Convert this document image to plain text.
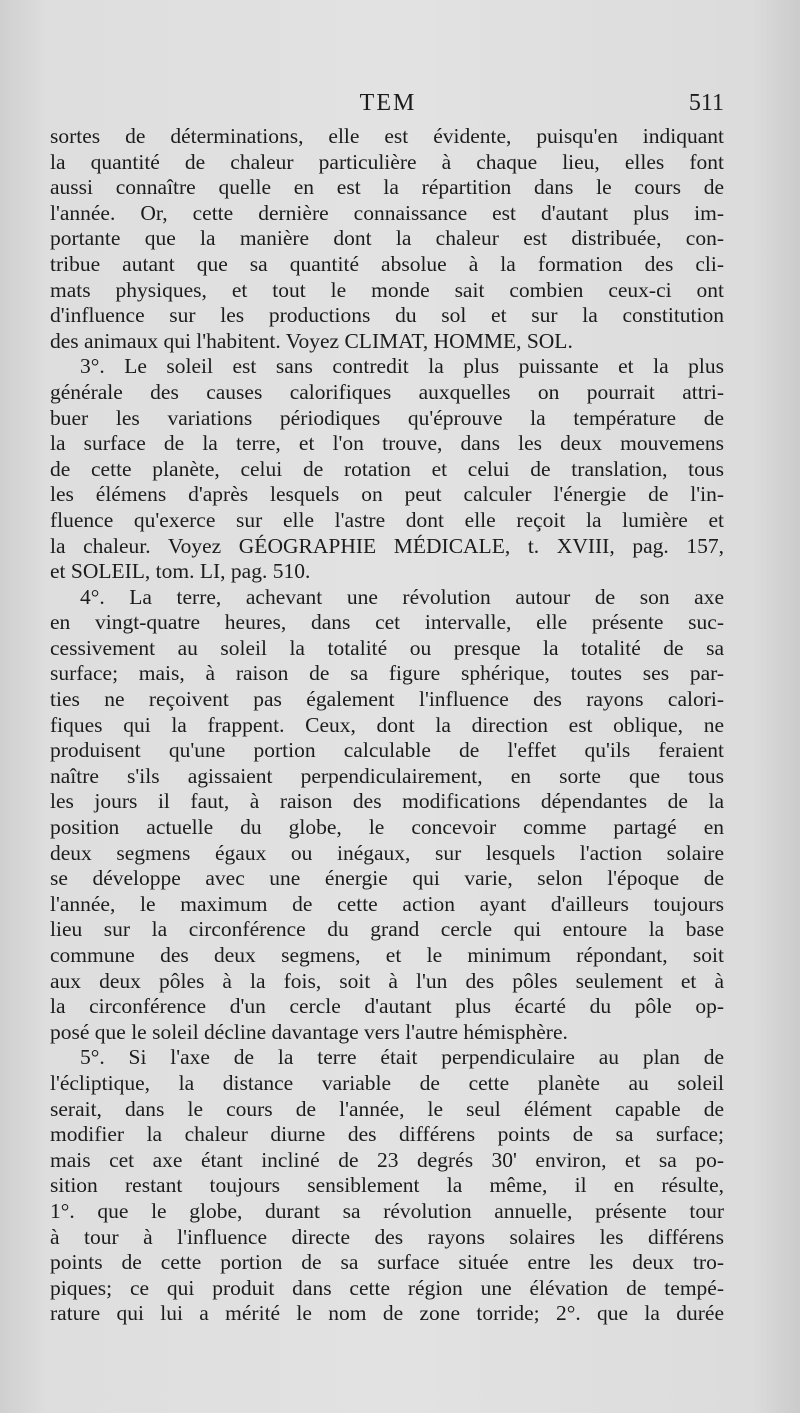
TEM	511
sortes de déterminations, elle est évidente, puisqu'en indiquant
la quantité de chaleur particulière à chaque lieu, elles font
aussi connaître quelle en est la répartition dans le cours de
l'année. Or, cette dernière connaissance est d'autant plus im-
portante que la manière dont la chaleur est distribuée, con-
tribue autant que sa quantité absolue à la formation des cli-
mats physiques, et tout le monde sait combien ceux-ci ont
d'influence sur les productions du sol et sur la constitution
des animaux qui l'habitent. Voyez CLIMAT, HOMME, SOL.
3°. Le soleil est sans contredit la plus puissante et la plus
générale des causes calorifiques auxquelles on pourrait attri-
buer les variations périodiques qu'éprouve la température de
la surface de la terre, et l'on trouve, dans les deux mouvemens
de cette planète, celui de rotation et celui de translation, tous
les élémens d'après lesquels on peut calculer l'énergie de l'in-
fluence qu'exerce sur elle l'astre dont elle reçoit la lumière et
la chaleur. Voyez GÉOGRAPHIE MÉDICALE, t. XVIII, pag. 157,
et SOLEIL, tom. LI, pag. 510.
4°. La terre, achevant une révolution autour de son axe
en vingt-quatre heures, dans cet intervalle, elle présente suc-
cessivement au soleil la totalité ou presque la totalité de sa
surface; mais, à raison de sa figure sphérique, toutes ses par-
ties ne reçoivent pas également l'influence des rayons calori-
fiques qui la frappent. Ceux, dont la direction est oblique, ne
produisent qu'une portion calculable de l'effet qu'ils feraient
naître s'ils agissaient perpendiculairement, en sorte que tous
les jours il faut, à raison des modifications dépendantes de la
position actuelle du globe, le concevoir comme partagé en
deux segmens égaux ou inégaux, sur lesquels l'action solaire
se développe avec une énergie qui varie, selon l'époque de
l'année, le maximum de cette action ayant d'ailleurs toujours
lieu sur la circonférence du grand cercle qui entoure la base
commune des deux segmens, et le minimum répondant, soit
aux deux pôles à la fois, soit à l'un des pôles seulement et à
la circonférence d'un cercle d'autant plus écarté du pôle op-
posé que le soleil décline davantage vers l'autre hémisphère.
5°. Si l'axe de la terre était perpendiculaire au plan de
l'écliptique, la distance variable de cette planète au soleil
serait, dans le cours de l'année, le seul élément capable de
modifier la chaleur diurne des différens points de sa surface;
mais cet axe étant incliné de 23 degrés 30' environ, et sa po-
sition restant toujours sensiblement la même, il en résulte,
1°. que le globe, durant sa révolution annuelle, présente tour
à tour à l'influence directe des rayons solaires les différens
points de cette portion de sa surface située entre les deux tro-
piques; ce qui produit dans cette région une élévation de tempé-
rature qui lui a mérité le nom de zone torride; 2°. que la durée
